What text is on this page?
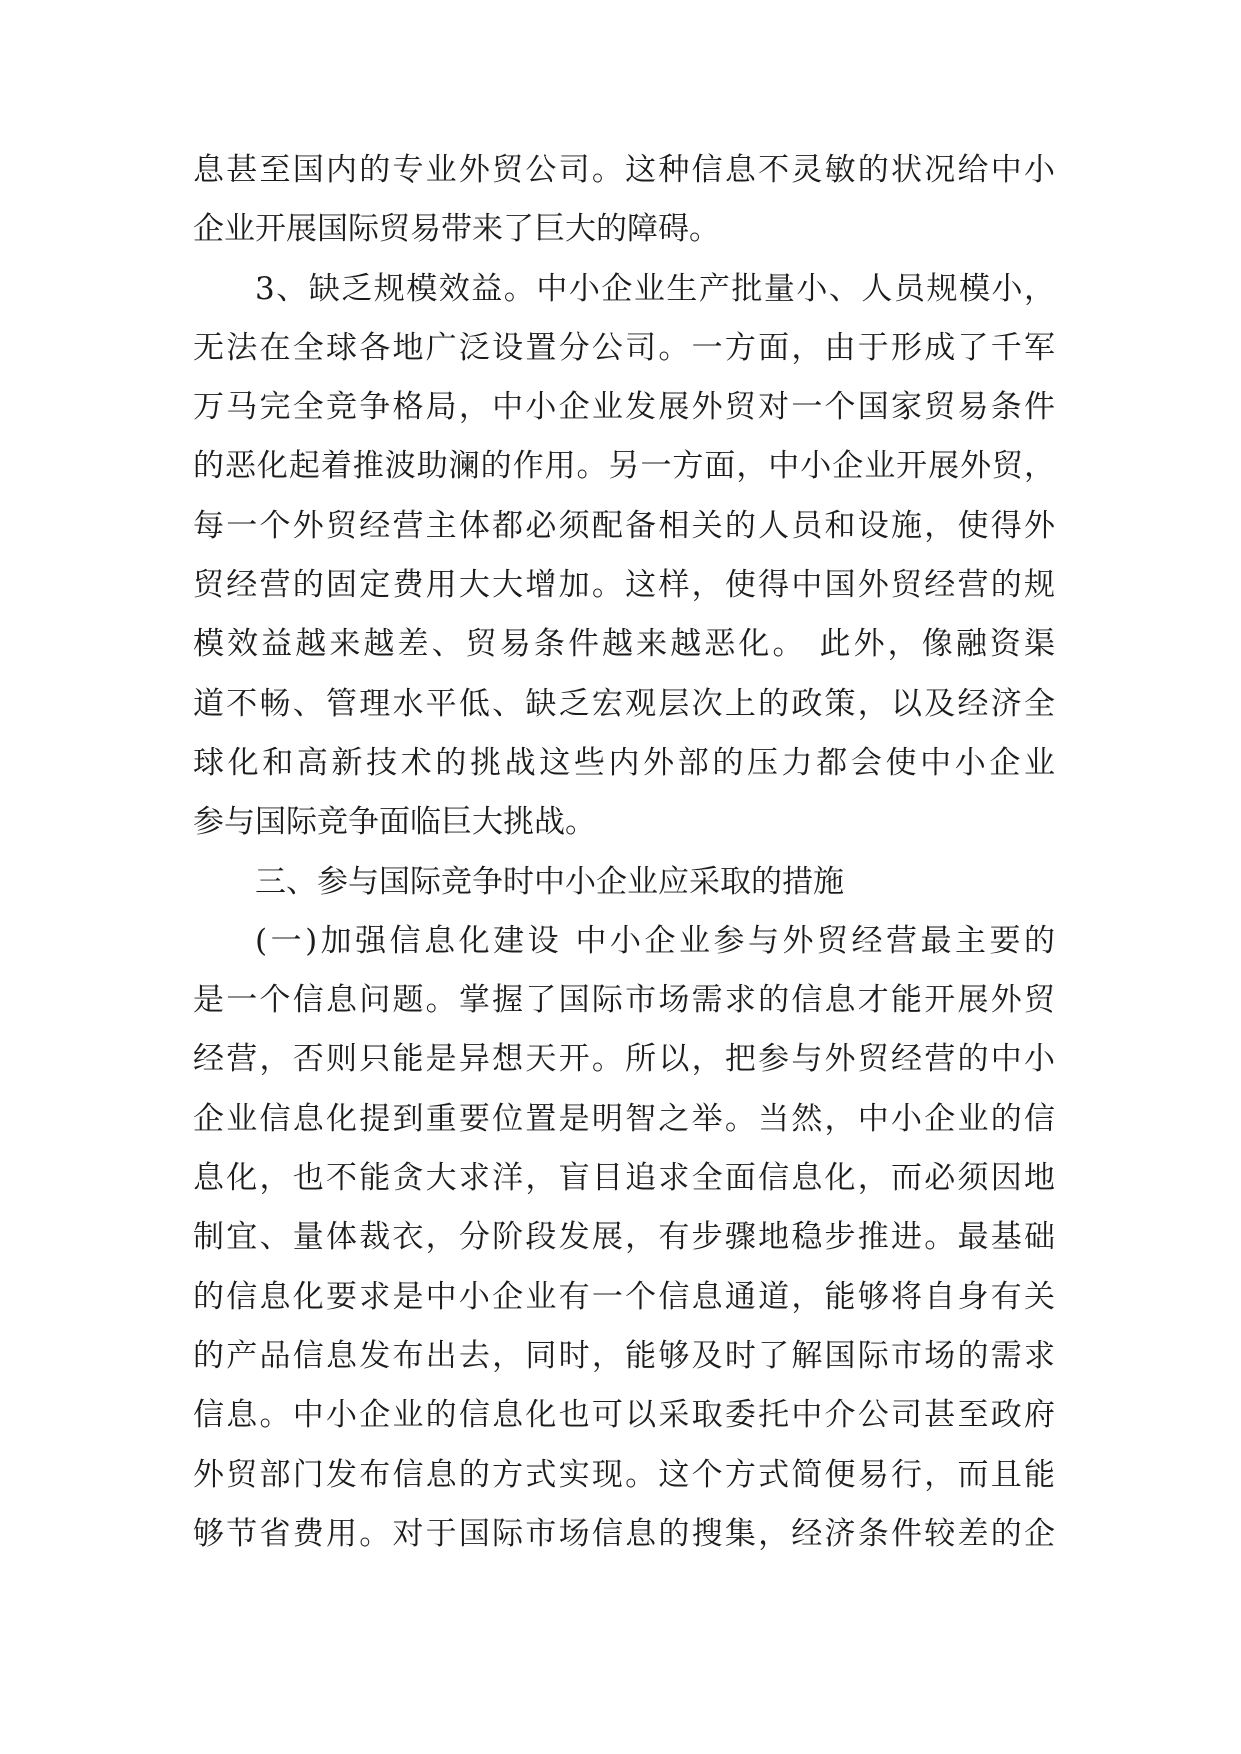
息甚至国内的专业外贸公司。这种信息不灵敏的状况给中小
企业开展国际贸易带来了巨大的障碍。
3、缺乏规模效益。中小企业生产批量小、人员规模小，
无法在全球各地广泛设置分公司。一方面，由于形成了千军
万马完全竞争格局，中小企业发展外贸对一个国家贸易条件
的恶化起着推波助澜的作用。另一方面，中小企业开展外贸，
每一个外贸经营主体都必须配备相关的人员和设施，使得外
贸经营的固定费用大大增加。这样，使得中国外贸经营的规
模效益越来越差、贸易条件越来越恶化。 此外，像融资渠
道不畅、管理水平低、缺乏宏观层次上的政策，以及经济全
球化和高新技术的挑战这些内外部的压力都会使中小企业
参与国际竞争面临巨大挑战。
三、参与国际竞争时中小企业应采取的措施
(一)加强信息化建设 中小企业参与外贸经营最主要的
是一个信息问题。掌握了国际市场需求的信息才能开展外贸
经营，否则只能是异想天开。所以，把参与外贸经营的中小
企业信息化提到重要位置是明智之举。当然，中小企业的信
息化，也不能贪大求洋，盲目追求全面信息化，而必须因地
制宜、量体裁衣，分阶段发展，有步骤地稳步推进。最基础
的信息化要求是中小企业有一个信息通道，能够将自身有关
的产品信息发布出去，同时，能够及时了解国际市场的需求
信息。中小企业的信息化也可以采取委托中介公司甚至政府
外贸部门发布信息的方式实现。这个方式简便易行，而且能
够节省费用。对于国际市场信息的搜集，经济条件较差的企
